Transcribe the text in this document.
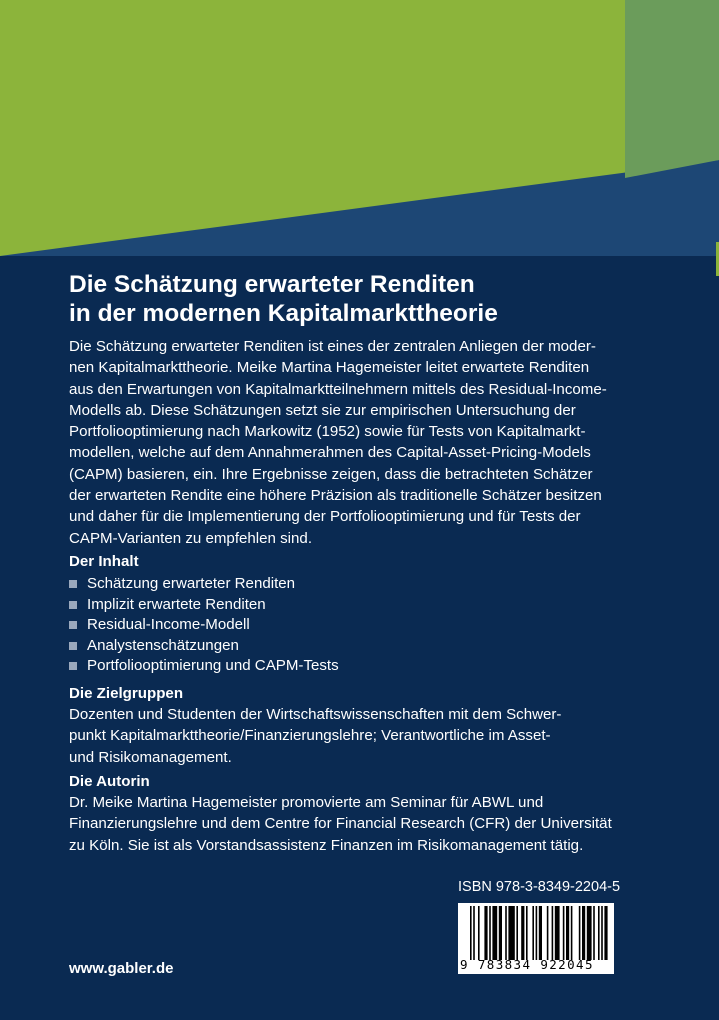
Die Schätzung erwarteter Renditen
in der modernen Kapitalmarkttheorie
Die Schätzung erwarteter Renditen ist eines der zentralen Anliegen der moder-
nen Kapitalmarkttheorie. Meike Martina Hagemeister leitet erwartete Renditen
aus den Erwartungen von Kapitalmarktteilnehmern mittels des Residual-Income-
Modells ab. Diese Schätzungen setzt sie zur empirischen Untersuchung der
Portfoliooptimierung nach Markowitz (1952) sowie für Tests von Kapitalmarkt-
modellen, welche auf dem Annahmerahmen des Capital-Asset-Pricing-Models
(CAPM) basieren, ein. Ihre Ergebnisse zeigen, dass die betrachteten Schätzer
der erwarteten Rendite eine höhere Präzision als traditionelle Schätzer besitzen
und daher für die Implementierung der Portfoliooptimierung und für Tests der
CAPM-Varianten zu empfehlen sind.
Der Inhalt
Schätzung erwarteter Renditen
Implizit erwartete Renditen
Residual-Income-Modell
Analystenschätzungen
Portfoliooptimierung und CAPM-Tests
Die Zielgruppen
Dozenten und Studenten der Wirtschaftswissenschaften mit dem Schwer-
punkt Kapitalmarkttheorie/Finanzierungslehre; Verantwortliche im Asset-
und Risikomanagement.
Die Autorin
Dr. Meike Martina Hagemeister promovierte am Seminar für ABWL und
Finanzierungslehre und dem Centre for Financial Research (CFR) der Universität
zu Köln. Sie ist als Vorstandsassistenz Finanzen im Risikomanagement tätig.
ISBN 978-3-8349-2204-5
9 783834 922045
www.gabler.de
